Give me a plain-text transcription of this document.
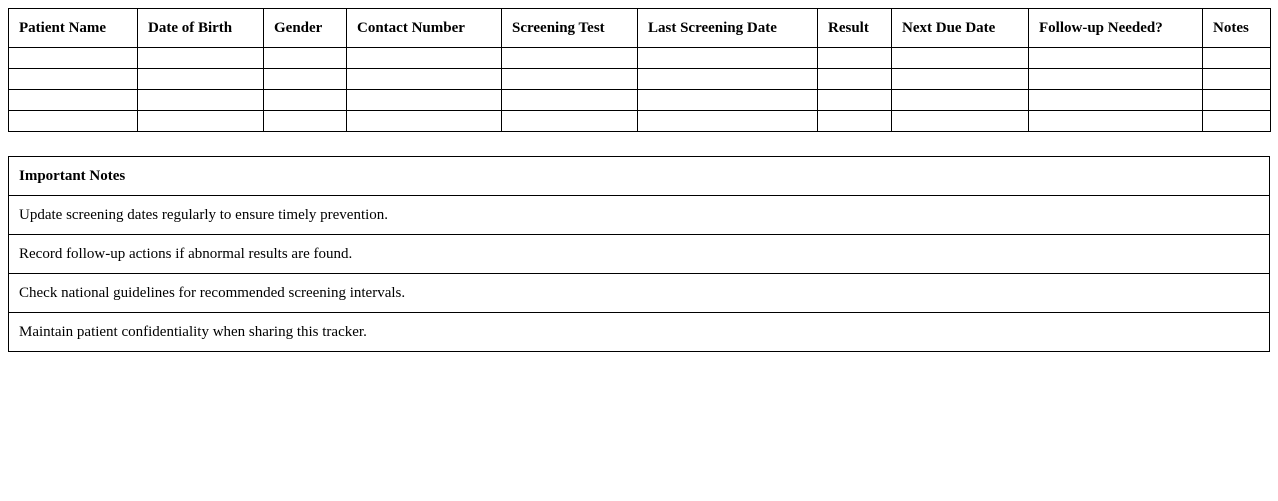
Patient Name	Date of Birth	Gender	Contact Number	Screening Test	Last Screening Date	Result	Next Due Date	Follow-up Needed?	Notes

Important Notes
Update screening dates regularly to ensure timely prevention.
Record follow-up actions if abnormal results are found.
Check national guidelines for recommended screening intervals.
Maintain patient confidentiality when sharing this tracker.
